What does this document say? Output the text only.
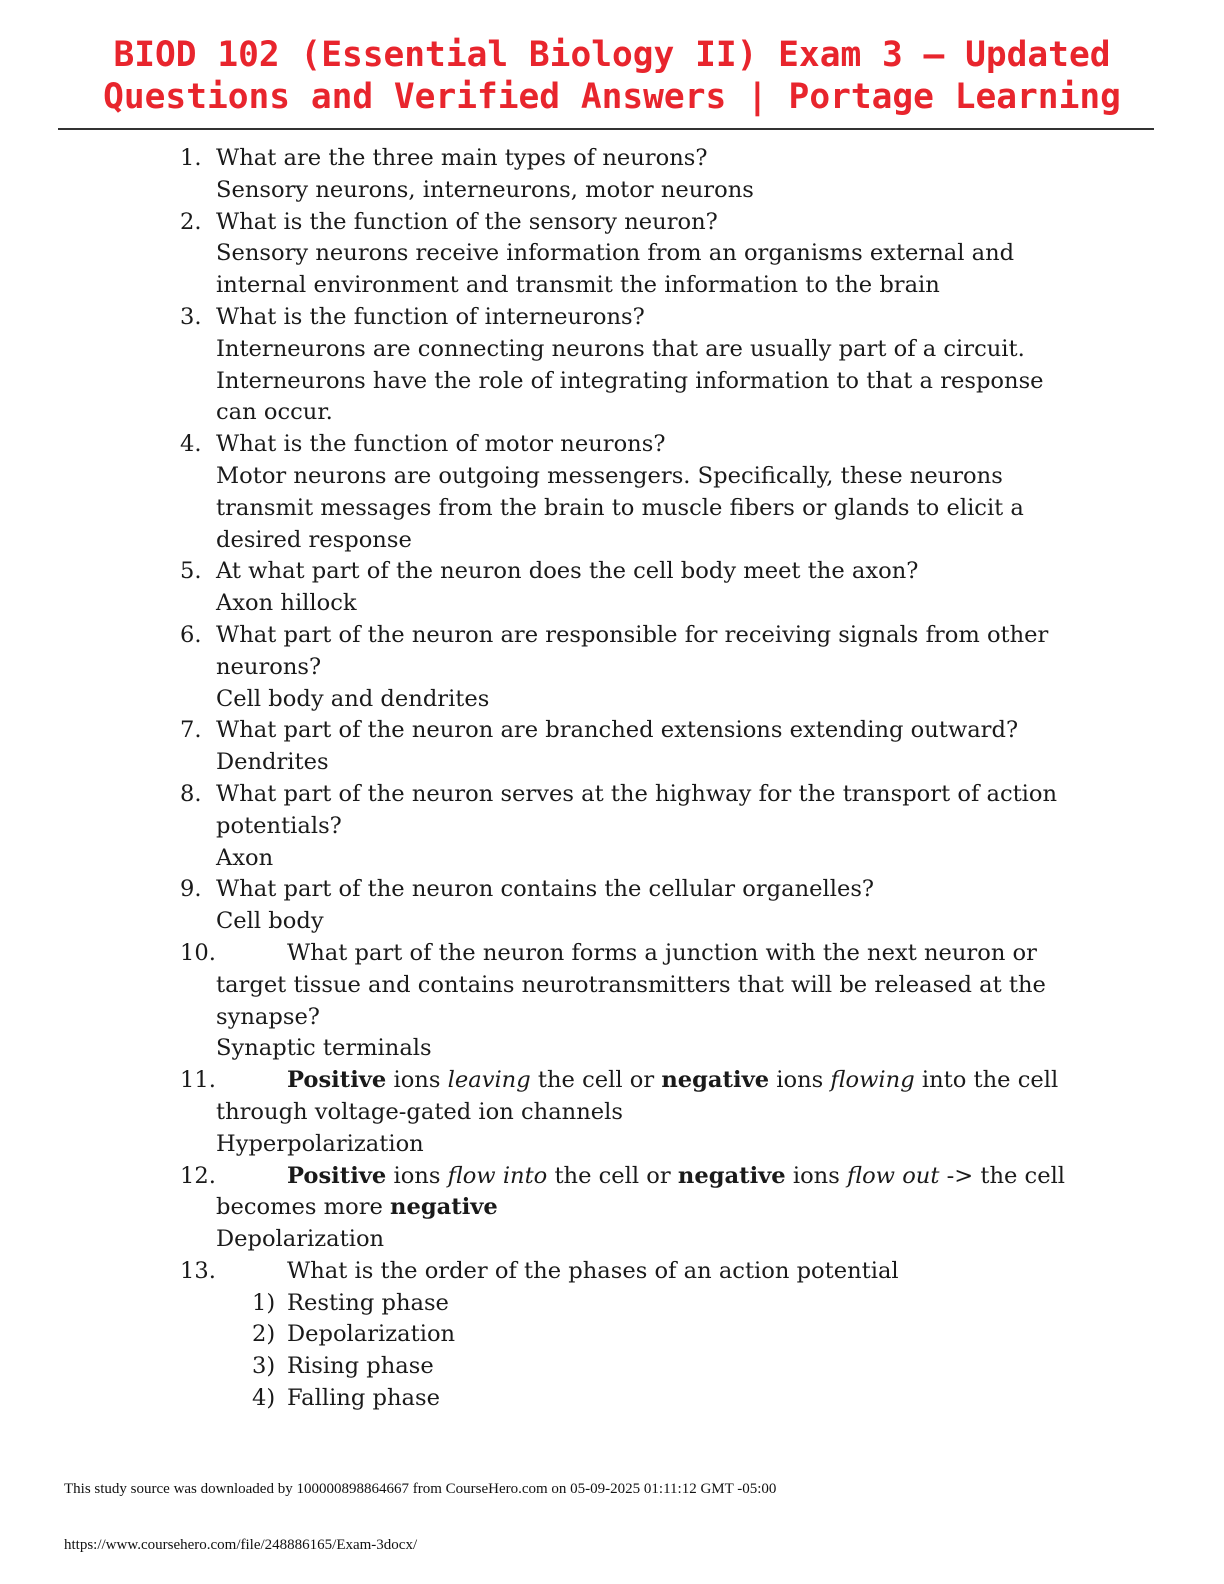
BIOD 102 (Essential Biology II) Exam 3 – Updated
Questions and Verified Answers | Portage Learning
1. What are the three main types of neurons?
Sensory neurons, interneurons, motor neurons
2. What is the function of the sensory neuron?
Sensory neurons receive information from an organisms external and internal environment and transmit the information to the brain
3. What is the function of interneurons?
Interneurons are connecting neurons that are usually part of a circuit. Interneurons have the role of integrating information to that a response can occur.
4. What is the function of motor neurons?
Motor neurons are outgoing messengers. Specifically, these neurons transmit messages from the brain to muscle fibers or glands to elicit a desired response
5. At what part of the neuron does the cell body meet the axon?
Axon hillock
6. What part of the neuron are responsible for receiving signals from other neurons?
Cell body and dendrites
7. What part of the neuron are branched extensions extending outward?
Dendrites
8. What part of the neuron serves at the highway for the transport of action potentials?
Axon
9. What part of the neuron contains the cellular organelles?
Cell body
10.	What part of the neuron forms a junction with the next neuron or target tissue and contains neurotransmitters that will be released at the synapse?
Synaptic terminals
11.	Positive ions leaving the cell or negative ions flowing into the cell through voltage-gated ion channels
Hyperpolarization
12.	Positive ions flow into the cell or negative ions flow out -> the cell becomes more negative
Depolarization
13.	What is the order of the phases of an action potential
1) Resting phase
2) Depolarization
3) Rising phase
4) Falling phase
This study source was downloaded by 100000898864667 from CourseHero.com on 05-09-2025 01:11:12 GMT -05:00
https://www.coursehero.com/file/248886165/Exam-3docx/
